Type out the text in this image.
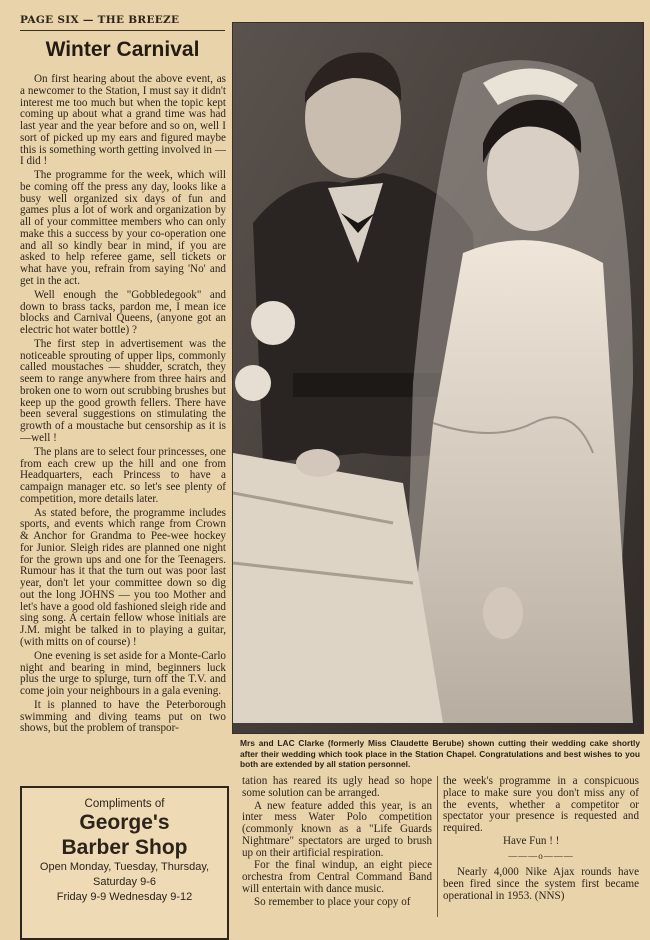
PAGE SIX — THE BREEZE
Winter Carnival

On first hearing about the above event, as a newcomer to the Station, I must say it didn't interest me too much but when the topic kept coming up about what a grand time was had last year and the year before and so on, well I sort of picked up my ears and figured maybe this is something worth getting involved in — I did !

The programme for the week, which will be coming off the press any day, looks like a busy well organized six days of fun and games plus a lot of work and organization by all of your committee members who can only make this a success by your co-operation one and all so kindly bear in mind, if you are asked to help referee game, sell tickets or what have you, refrain from saying 'No' and get in the act.

Well enough the "Gobbledegook" and down to brass tacks, pardon me, I mean ice blocks and Carnival Queens, (anyone got an electric hot water bottle) ?

The first step in advertisement was the noticeable sprouting of upper lips, commonly called moustaches — shudder, scratch, they seem to range anywhere from three hairs and broken one to worn out scrubbing brushes but keep up the good growth fellers. There have been several suggestions on stimulating the growth of a moustache but censorship as it is—well !

The plans are to select four princesses, one from each crew up the hill and one from Headquarters, each Princess to have a campaign manager etc. so let's see plenty of competition, more details later.

As stated before, the programme includes sports, and events which range from Crown & Anchor for Grandma to Pee-wee hockey for Junior. Sleigh rides are planned one night for the grown ups and one for the Teenagers. Rumour has it that the turn out was poor last year, don't let your committee down so dig out the long JOHNS — you too Mother and let's have a good old fashioned sleigh ride and sing song. A certain fellow whose initials are J.M. might be talked in to playing a guitar, (with mitts on of course) !

One evening is set aside for a Monte-Carlo night and bearing in mind, beginners luck plus the urge to splurge, turn off the T.V. and come join your neighbours in a gala evening.

It is planned to have the Peterborough swimming and diving teams put on two shows, but the problem of transpor-

Mrs and LAC Clarke (formerly Miss Claudette Berube) shown cutting their wedding cake shortly after their wedding which took place in the Station Chapel. Congratulations and best wishes to you both are extended by all station personnel.
Compliments of
George's
Barber Shop
Open Monday, Tuesday, Thursday,
Saturday 9-6
Friday 9-9 Wednesday 9-12

tation has reared its ugly head so hope some solution can be arranged.

A new feature added this year, is an inter mess Water Polo competition (commonly known as a "Life Guards Nightmare" spectators are urged to brush up on their artificial respiration.

For the final windup, an eight piece orchestra from Central Command Band will entertain with dance music.

So remember to place your copy of

the week's programme in a conspicuous place to make sure you don't miss any of the events, whether a competitor or spectator your presence is requested and required.

Have Fun ! !

———o———

Nearly 4,000 Nike Ajax rounds have been fired since the system first became operational in 1953. (NNS)
